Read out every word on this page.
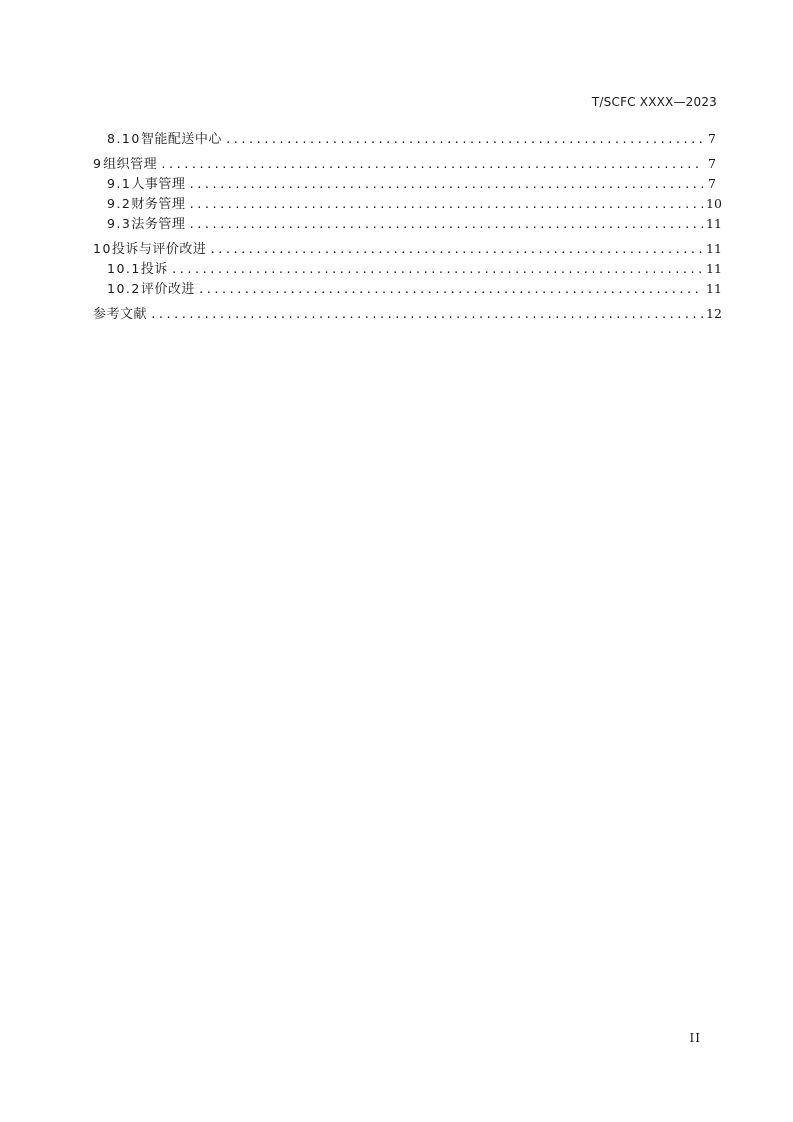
T/SCFC XXXX—2023
8.10 智能配送中心 .....	7
9 组织管理 .....	7
9.1 人事管理 .....	7
9.2 财务管理 .....	10
9.3 法务管理 .....	11
10 投诉与评价改进 .....	11
10.1 投诉 .....	11
10.2 评价改进 .....	11
参考文献 .....	12
II
